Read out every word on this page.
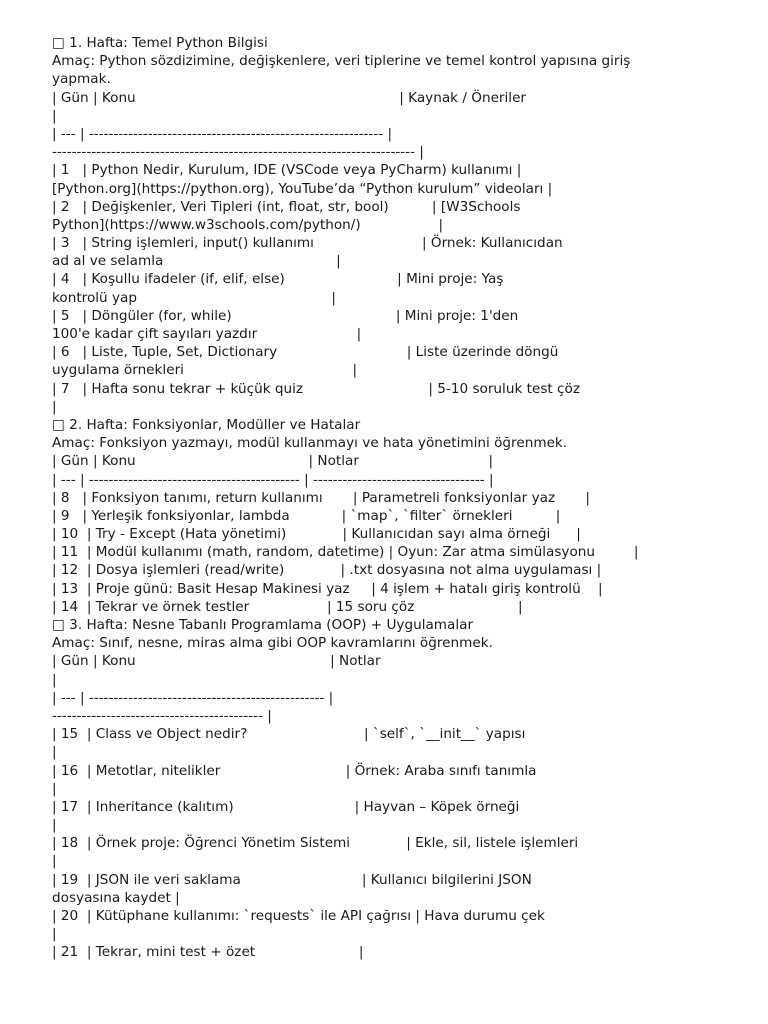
□ 1. Hafta: Temel Python Bilgisi
Amaç: Python sözdizimine, değişkenlere, veri tiplerine ve temel kontrol yapısına giriş
yapmak.
| Gün | Konu                                                             | Kaynak / Öneriler
|
| --- | ------------------------------------------------------------ |
-------------------------------------------------------------------------- |
| 1   | Python Nedir, Kurulum, IDE (VSCode veya PyCharm) kullanımı |
[Python.org](https://python.org), YouTube’da “Python kurulum” videoları |
| 2   | Değişkenler, Veri Tipleri (int, float, str, bool)          | [W3Schools
Python](https://www.w3schools.com/python/)                  |
| 3   | String işlemleri, input() kullanımı                         | Örnek: Kullanıcıdan
ad al ve selamla                                        |
| 4   | Koşullu ifadeler (if, elif, else)                          | Mini proje: Yaş
kontrolü yap                                             |
| 5   | Döngüler (for, while)                                      | Mini proje: 1'den
100'e kadar çift sayıları yazdır                       |
| 6   | Liste, Tuple, Set, Dictionary                              | Liste üzerinde döngü
uygulama örnekleri                                       |
| 7   | Hafta sonu tekrar + küçük quiz                             | 5-10 soruluk test çöz
|
□ 2. Hafta: Fonksiyonlar, Modüller ve Hatalar
Amaç: Fonksiyon yazmayı, modül kullanmayı ve hata yönetimini öğrenmek.
| Gün | Konu                                        | Notlar                              |
| --- | ------------------------------------------- | ----------------------------------- |
| 8   | Fonksiyon tanımı, return kullanımı       | Parametreli fonksiyonlar yaz       |
| 9   | Yerleşik fonksiyonlar, lambda            | `map`, `filter` örnekleri          |
| 10  | Try - Except (Hata yönetimi)             | Kullanıcıdan sayı alma örneği      |
| 11  | Modül kullanımı (math, random, datetime) | Oyun: Zar atma simülasyonu         |
| 12  | Dosya işlemleri (read/write)             | .txt dosyasına not alma uygulaması |
| 13  | Proje günü: Basit Hesap Makinesi yaz     | 4 işlem + hatalı giriş kontrolü    |
| 14  | Tekrar ve örnek testler                  | 15 soru çöz                        |
□ 3. Hafta: Nesne Tabanlı Programlama (OOP) + Uygulamalar
Amaç: Sınıf, nesne, miras alma gibi OOP kavramlarını öğrenmek.
| Gün | Konu                                             | Notlar
|
| --- | ------------------------------------------------ |
------------------------------------------- |
| 15  | Class ve Object nedir?                           | `self`, `__init__` yapısı
|
| 16  | Metotlar, nitelikler                             | Örnek: Araba sınıfı tanımla
|
| 17  | Inheritance (kalıtım)                            | Hayvan – Köpek örneği
|
| 18  | Örnek proje: Öğrenci Yönetim Sistemi             | Ekle, sil, listele işlemleri
|
| 19  | JSON ile veri saklama                            | Kullanıcı bilgilerini JSON
dosyasına kaydet |
| 20  | Kütüphane kullanımı: `requests` ile API çağrısı | Hava durumu çek
|
| 21  | Tekrar, mini test + özet                        |
